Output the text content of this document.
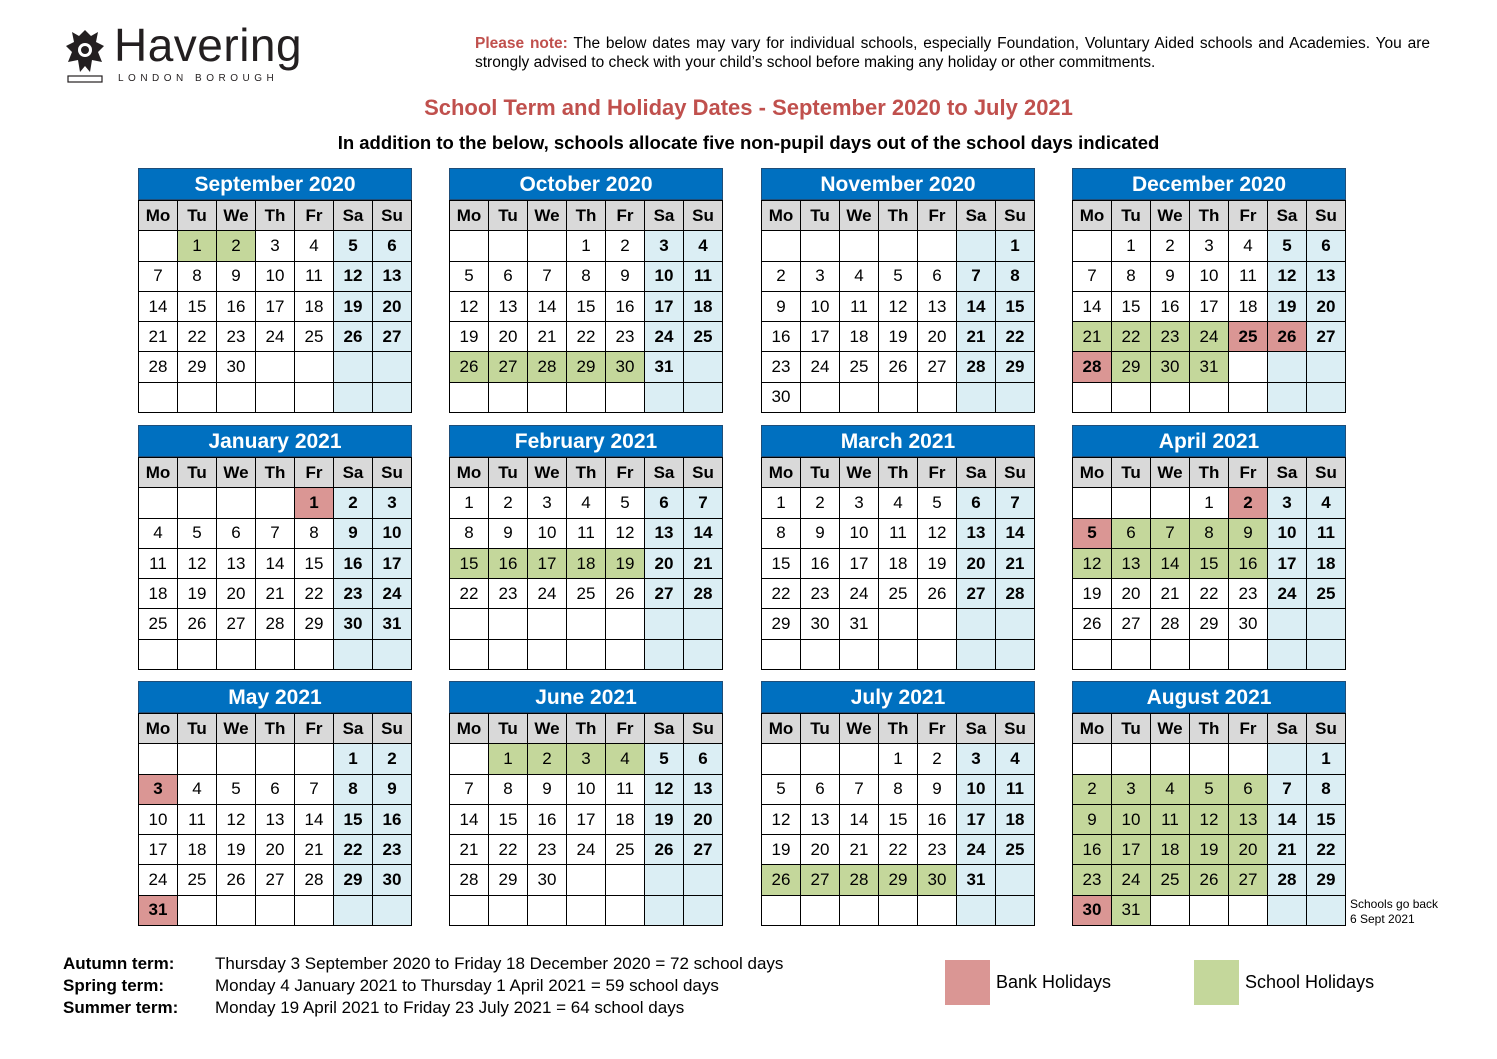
Havering
LONDON BOROUGH
Please note: The below dates may vary for individual schools, especially Foundation, Voluntary Aided schools and Academies. You are strongly advised to check with your child’s school before making any holiday or other commitments.
School Term and Holiday Dates - September 2020 to July 2021
In addition to the below, schools allocate five non-pupil days out of the school days indicated
September 2020
Mo	Tu	We	Th	Fr	Sa	Su
	1	2	3	4	5	6
7	8	9	10	11	12	13
14	15	16	17	18	19	20
21	22	23	24	25	26	27
28	29	30				

October 2020
Mo	Tu	We	Th	Fr	Sa	Su
			1	2	3	4
5	6	7	8	9	10	11
12	13	14	15	16	17	18
19	20	21	22	23	24	25
26	27	28	29	30	31	

November 2020
Mo	Tu	We	Th	Fr	Sa	Su
						1
2	3	4	5	6	7	8
9	10	11	12	13	14	15
16	17	18	19	20	21	22
23	24	25	26	27	28	29
30						
December 2020
Mo	Tu	We	Th	Fr	Sa	Su
	1	2	3	4	5	6
7	8	9	10	11	12	13
14	15	16	17	18	19	20
21	22	23	24	25	26	27
28	29	30	31			

January 2021
Mo	Tu	We	Th	Fr	Sa	Su
				1	2	3
4	5	6	7	8	9	10
11	12	13	14	15	16	17
18	19	20	21	22	23	24
25	26	27	28	29	30	31

February 2021
Mo	Tu	We	Th	Fr	Sa	Su
1	2	3	4	5	6	7
8	9	10	11	12	13	14
15	16	17	18	19	20	21
22	23	24	25	26	27	28

March 2021
Mo	Tu	We	Th	Fr	Sa	Su
1	2	3	4	5	6	7
8	9	10	11	12	13	14
15	16	17	18	19	20	21
22	23	24	25	26	27	28
29	30	31				

April 2021
Mo	Tu	We	Th	Fr	Sa	Su
			1	2	3	4
5	6	7	8	9	10	11
12	13	14	15	16	17	18
19	20	21	22	23	24	25
26	27	28	29	30		

May 2021
Mo	Tu	We	Th	Fr	Sa	Su
					1	2
3	4	5	6	7	8	9
10	11	12	13	14	15	16
17	18	19	20	21	22	23
24	25	26	27	28	29	30
31						
June 2021
Mo	Tu	We	Th	Fr	Sa	Su
	1	2	3	4	5	6
7	8	9	10	11	12	13
14	15	16	17	18	19	20
21	22	23	24	25	26	27
28	29	30				

July 2021
Mo	Tu	We	Th	Fr	Sa	Su
			1	2	3	4
5	6	7	8	9	10	11
12	13	14	15	16	17	18
19	20	21	22	23	24	25
26	27	28	29	30	31	

August 2021
Mo	Tu	We	Th	Fr	Sa	Su
						1
2	3	4	5	6	7	8
9	10	11	12	13	14	15
16	17	18	19	20	21	22
23	24	25	26	27	28	29
30	31						Schools go back
6 Sept 2021
Autumn term:	Thursday 3 September 2020 to Friday 18 December 2020 = 72 school days
Spring term:	Monday 4 January 2021 to Thursday 1 April 2021 = 59 school days
Summer term:	Monday 19 April 2021 to Friday 23 July 2021 = 64 school days
Bank Holidays	School Holidays
